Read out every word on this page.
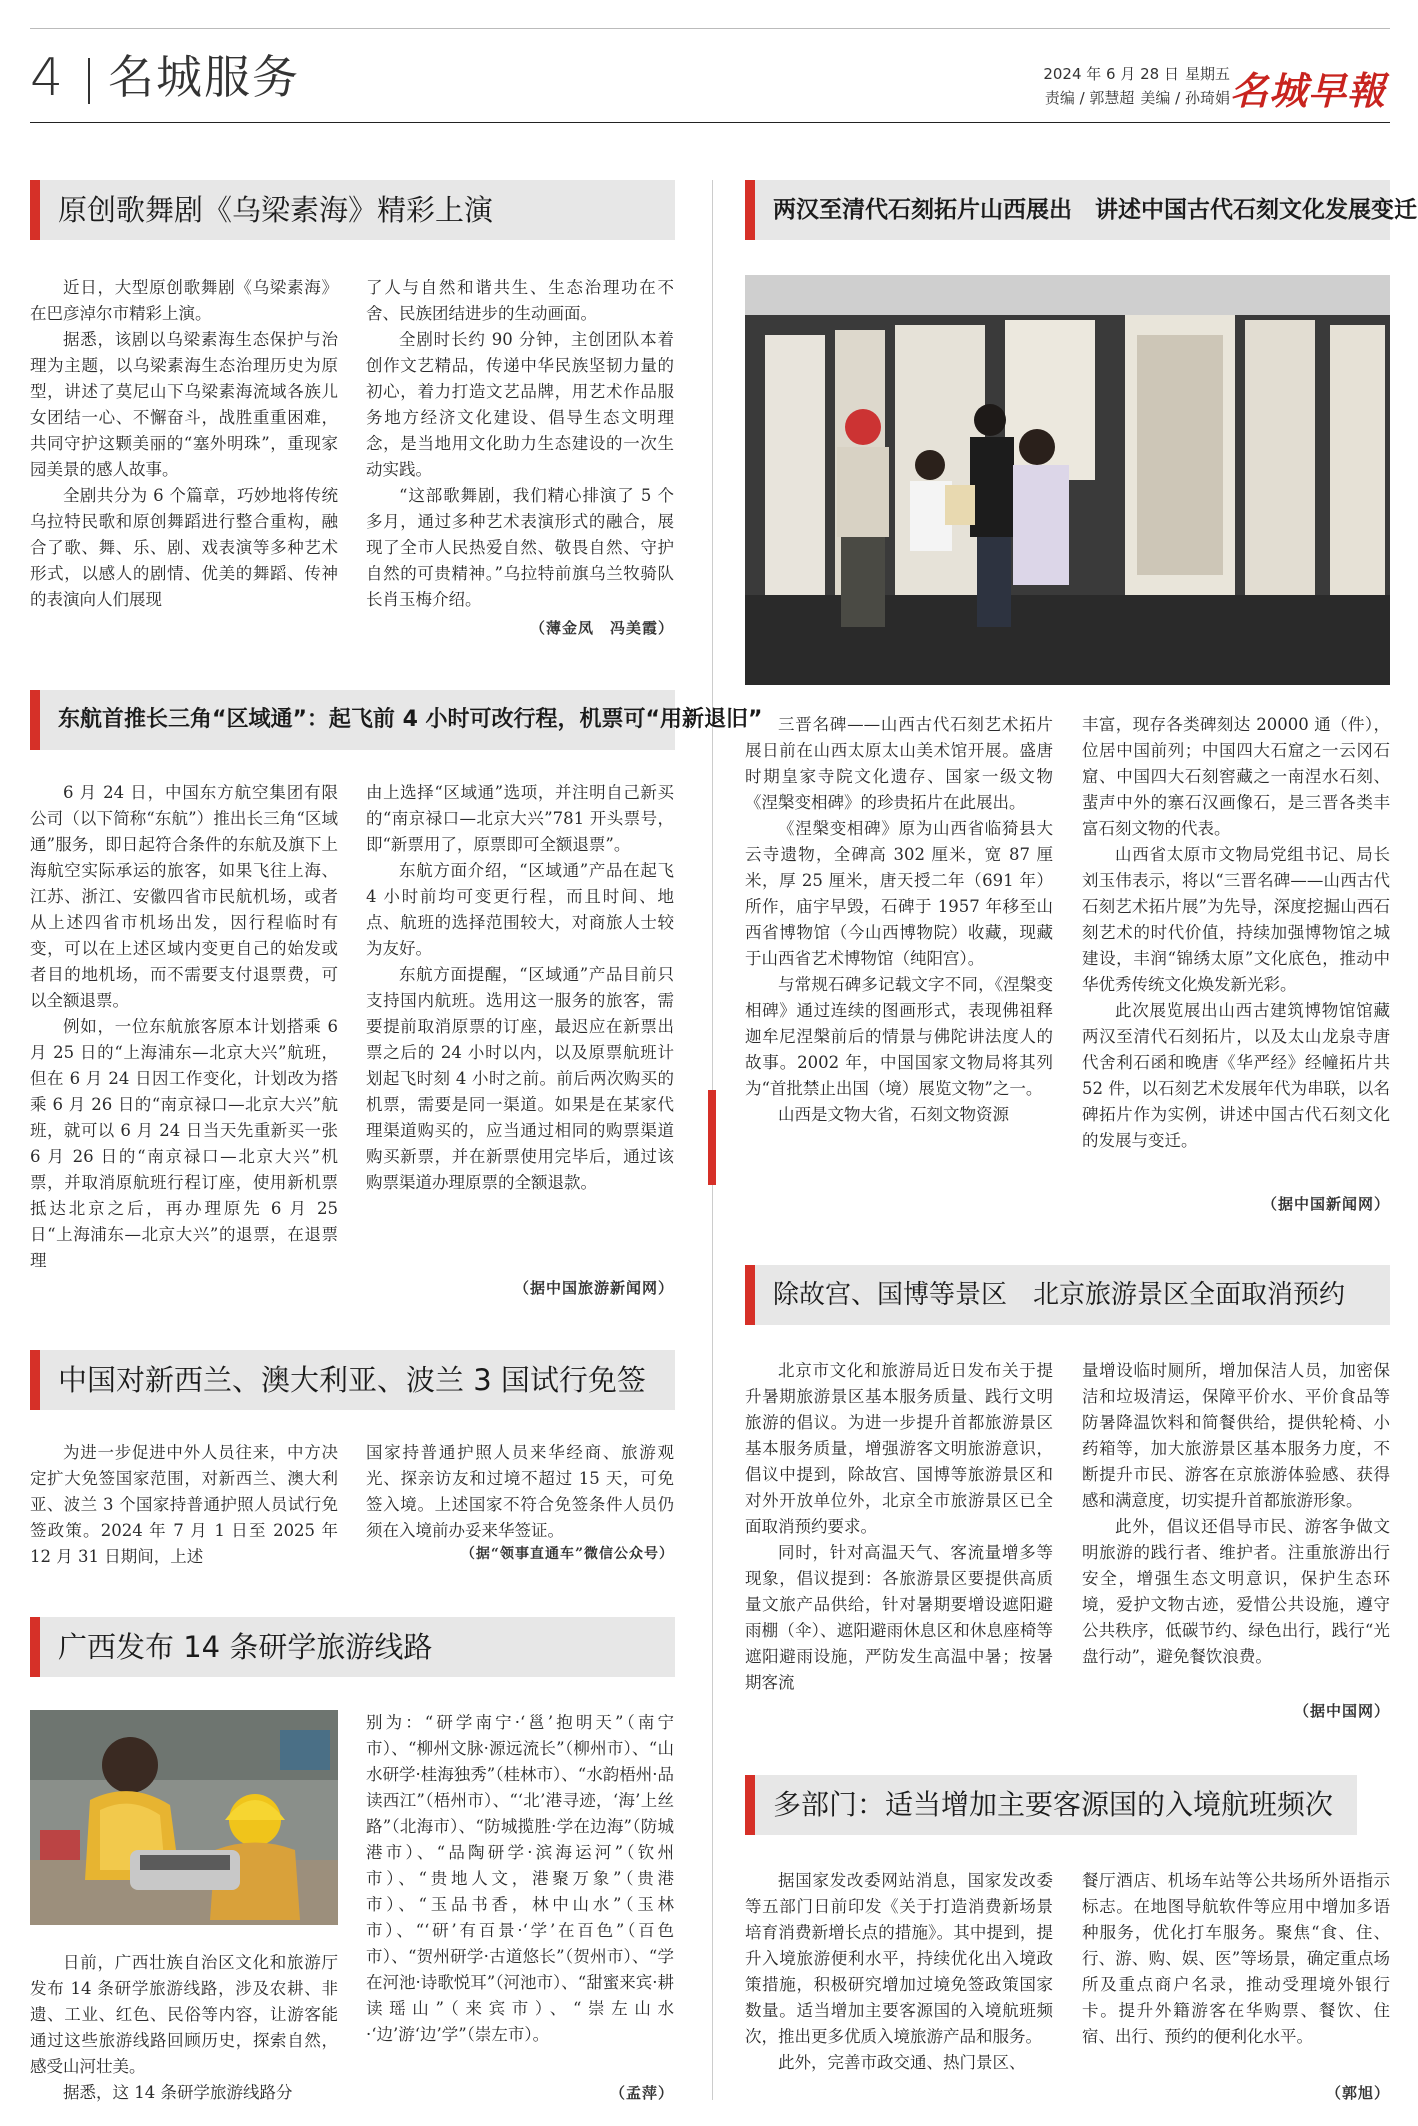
4 名城服务	2024 年 6 月 28 日 星期五
责编 / 郭慧超 美编 / 孙琦娟 名城早報
原创歌舞剧《乌梁素海》精彩上演

近日，大型原创歌舞剧《乌梁素海》在巴彦淖尔市精彩上演。

据悉，该剧以乌梁素海生态保护与治理为主题，以乌梁素海生态治理历史为原型，讲述了莫尼山下乌梁素海流域各族儿女团结一心、不懈奋斗，战胜重重困难，共同守护这颗美丽的“塞外明珠”，重现家园美景的感人故事。

全剧共分为 6 个篇章，巧妙地将传统乌拉特民歌和原创舞蹈进行整合重构，融合了歌、舞、乐、剧、戏表演等多种艺术形式，以感人的剧情、优美的舞蹈、传神的表演向人们展现

了人与自然和谐共生、生态治理功在不舍、民族团结进步的生动画面。

全剧时长约 90 分钟，主创团队本着创作文艺精品，传递中华民族坚韧力量的初心，着力打造文艺品牌，用艺术作品服务地方经济文化建设、倡导生态文明理念，是当地用文化助力生态建设的一次生动实践。

“这部歌舞剧，我们精心排演了 5 个多月，通过多种艺术表演形式的融合，展现了全市人民热爱自然、敬畏自然、守护自然的可贵精神。”乌拉特前旗乌兰牧骑队长肖玉梅介绍。

（薄金凤　冯美霞）
东航首推长三角“区域通”：起飞前 4 小时可改行程，机票可“用新退旧”

6 月 24 日，中国东方航空集团有限公司（以下简称“东航”）推出长三角“区域通”服务，即日起符合条件的东航及旗下上海航空实际承运的旅客，如果飞往上海、江苏、浙江、安徽四省市民航机场，或者从上述四省市机场出发，因行程临时有变，可以在上述区域内变更自己的始发或者目的地机场，而不需要支付退票费，可以全额退票。

例如，一位东航旅客原本计划搭乘 6 月 25 日的“上海浦东—北京大兴”航班，但在 6 月 24 日因工作变化，计划改为搭乘 6 月 26 日的“南京禄口—北京大兴”航班，就可以 6 月 24 日当天先重新买一张 6 月 26 日的“南京禄口—北京大兴”机票，并取消原航班行程订座，使用新机票抵达北京之后，再办理原先 6 月 25 日“上海浦东—北京大兴”的退票，在退票理

由上选择“区域通”选项，并注明自己新买的“南京禄口—北京大兴”781 开头票号，即“新票用了，原票即可全额退票”。

东航方面介绍，“区域通”产品在起飞 4 小时前均可变更行程，而且时间、地点、航班的选择范围较大，对商旅人士较为友好。

东航方面提醒，“区域通”产品目前只支持国内航班。选用这一服务的旅客，需要提前取消原票的订座，最迟应在新票出票之后的 24 小时以内，以及原票航班计划起飞时刻 4 小时之前。前后两次购买的机票，需要是同一渠道。如果是在某家代理渠道购买的，应当通过相同的购票渠道购买新票，并在新票使用完毕后，通过该购票渠道办理原票的全额退款。

（据中国旅游新闻网）
中国对新西兰、澳大利亚、波兰 3 国试行免签

为进一步促进中外人员往来，中方决定扩大免签国家范围，对新西兰、澳大利亚、波兰 3 个国家持普通护照人员试行免签政策。2024 年 7 月 1 日至 2025 年 12 月 31 日期间，上述

国家持普通护照人员来华经商、旅游观光、探亲访友和过境不超过 15 天，可免签入境。上述国家不符合免签条件人员仍须在入境前办妥来华签证。

（据“领事直通车”微信公众号）
广西发布 14 条研学旅游线路

日前，广西壮族自治区文化和旅游厅发布 14 条研学旅游线路，涉及农耕、非遗、工业、红色、民俗等内容，让游客能通过这些旅游线路回顾历史，探索自然，感受山河壮美。

据悉，这 14 条研学旅游线路分

别为：“研学南宁·‘邕’抱明天”（南宁市）、“柳州文脉·源远流长”（柳州市）、“山水研学·桂海独秀”（桂林市）、“水韵梧州·品读西江”（梧州市）、“‘北’港寻迹，‘海’上丝路”（北海市）、“防城揽胜·学在边海”（防城港市）、“品陶研学·滨海运河”（钦州市）、“贵地人文，港聚万象”（贵港市）、“玉品书香，林中山水”（玉林市）、“‘研’有百景·‘学’在百色”（百色市）、“贺州研学·古道悠长”（贺州市）、“学在河池·诗歌悦耳”（河池市）、“甜蜜来宾·耕读瑶山”（来宾市）、“崇左山水·‘边’游‘边’学”（崇左市）。

（孟萍）
两汉至清代石刻拓片山西展出　讲述中国古代石刻文化发展变迁

三晋名碑——山西古代石刻艺术拓片展日前在山西太原太山美术馆开展。盛唐时期皇家寺院文化遗存、国家一级文物《涅槃变相碑》的珍贵拓片在此展出。

《涅槃变相碑》原为山西省临猗县大云寺遗物，全碑高 302 厘米，宽 87 厘米，厚 25 厘米，唐天授二年（691 年）所作，庙宇早毁，石碑于 1957 年移至山西省博物馆（今山西博物院）收藏，现藏于山西省艺术博物馆（纯阳宫）。

与常规石碑多记载文字不同，《涅槃变相碑》通过连续的图画形式，表现佛祖释迦牟尼涅槃前后的情景与佛陀讲法度人的故事。2002 年，中国国家文物局将其列为“首批禁止出国（境）展览文物”之一。

山西是文物大省，石刻文物资源

丰富，现存各类碑刻达 20000 通（件），位居中国前列；中国四大石窟之一云冈石窟、中国四大石刻窖藏之一南涅水石刻、蜚声中外的寨石汉画像石，是三晋各类丰富石刻文物的代表。

山西省太原市文物局党组书记、局长刘玉伟表示，将以“三晋名碑——山西古代石刻艺术拓片展”为先导，深度挖掘山西石刻艺术的时代价值，持续加强博物馆之城建设，丰润“锦绣太原”文化底色，推动中华优秀传统文化焕发新光彩。

此次展览展出山西古建筑博物馆馆藏两汉至清代石刻拓片，以及太山龙泉寺唐代舍利石函和晚唐《华严经》经幢拓片共 52 件，以石刻艺术发展年代为串联，以名碑拓片作为实例，讲述中国古代石刻文化的发展与变迁。

（据中国新闻网）
除故宫、国博等景区　北京旅游景区全面取消预约

北京市文化和旅游局近日发布关于提升暑期旅游景区基本服务质量、践行文明旅游的倡议。为进一步提升首都旅游景区基本服务质量，增强游客文明旅游意识，倡议中提到，除故宫、国博等旅游景区和对外开放单位外，北京全市旅游景区已全面取消预约要求。

同时，针对高温天气、客流量增多等现象，倡议提到：各旅游景区要提供高质量文旅产品供给，针对暑期要增设遮阳避雨棚（伞）、遮阳避雨休息区和休息座椅等遮阳避雨设施，严防发生高温中暑；按暑期客流

量增设临时厕所，增加保洁人员，加密保洁和垃圾清运，保障平价水、平价食品等防暑降温饮料和简餐供给，提供轮椅、小药箱等，加大旅游景区基本服务力度，不断提升市民、游客在京旅游体验感、获得感和满意度，切实提升首都旅游形象。

此外，倡议还倡导市民、游客争做文明旅游的践行者、维护者。注重旅游出行安全，增强生态文明意识，保护生态环境，爱护文物古迹，爱惜公共设施，遵守公共秩序，低碳节约、绿色出行，践行“光盘行动”，避免餐饮浪费。

（据中国网）
多部门：适当增加主要客源国的入境航班频次

据国家发改委网站消息，国家发改委等五部门日前印发《关于打造消费新场景培育消费新增长点的措施》。其中提到，提升入境旅游便利水平，持续优化出入境政策措施，积极研究增加过境免签政策国家数量。适当增加主要客源国的入境航班频次，推出更多优质入境旅游产品和服务。

此外，完善市政交通、热门景区、

餐厅酒店、机场车站等公共场所外语指示标志。在地图导航软件等应用中增加多语种服务，优化打车服务。聚焦“食、住、行、游、购、娱、医”等场景，确定重点场所及重点商户名录，推动受理境外银行卡。提升外籍游客在华购票、餐饮、住宿、出行、预约的便利化水平。

（郭旭）
